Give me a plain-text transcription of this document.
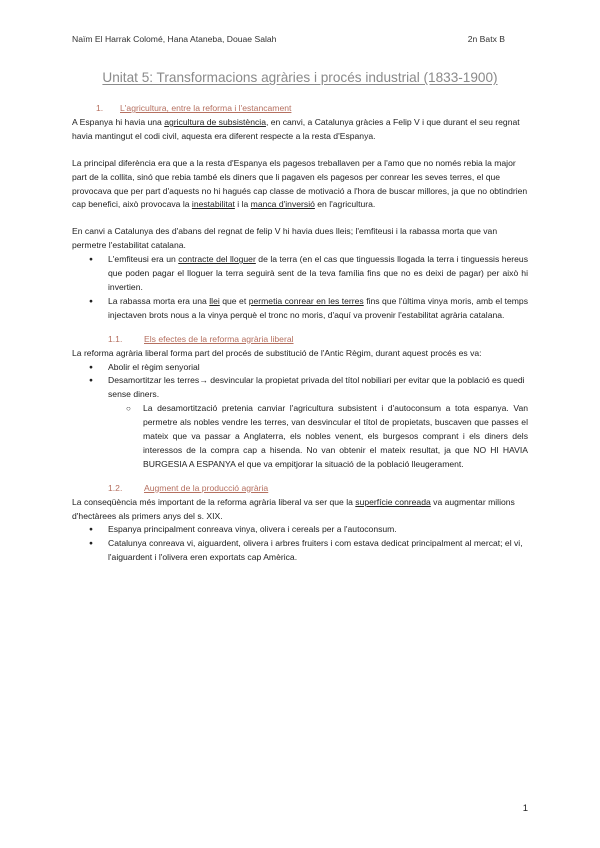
Naïm El Harrak Colomé, Hana Ataneba, Douae Salah	2n Batx B
Unitat 5: Transformacions agràries i procés industrial (1833-1900)
1.	L'agricultura, entre la reforma i l'estancament

A Espanya hi havia una agricultura de subsistència, en canvi, a Catalunya gràcies a Felip V i que durant el seu regnat havia mantingut el codi civil, aquesta era diferent respecte a la resta d'Espanya.

La principal diferència era que a la resta d'Espanya els pagesos treballaven per a l'amo que no només rebia la major part de la collita, sinó que rebia també els diners que li pagaven els pagesos per conrear les seves terres, el que provocava que per part d'aquests no hi hagués cap classe de motivació a l'hora de buscar millores, ja que no obtindrien cap benefici, això provocava la inestabilitat i la manca d'inversió en l'agricultura.

En canvi a Catalunya des d'abans del regnat de felip V hi havia dues lleis; l'emfiteusi i la rabassa morta que van permetre l'estabilitat catalana.

● L'emfiteusi era un contracte del lloguer de la terra (en el cas que tinguessis llogada la terra i tinguessis hereus que poden pagar el lloguer la terra seguirà sent de la teva família fins que no es deixi de pagar) per això hi invertien.
● La rabassa morta era una llei que et permetia conrear en les terres fins que l'última vinya moris, amb el temps injectaven brots nous a la vinya perquè el tronc no moris, d'aquí va provenir l'estabilitat agrària catalana.
1.1.	Els efectes de la reforma agrària liberal

La reforma agrària liberal forma part del procés de substitució de l'Antic Règim, durant aquest procés es va:

● Abolir el règim senyorial
● Desamortitzar les terres→ desvincular la propietat privada del títol nobiliari per evitar que la població es quedi sense diners.
○ La desamortització pretenia canviar l'agricultura subsistent i d'autoconsum a tota espanya. Van permetre als nobles vendre les terres, van desvincular el títol de propietats, buscaven que passes el mateix que va passar a Anglaterra, els nobles venent, els burgesos comprant i els diners dels interessos de la compra cap a hisenda. No van obtenir el mateix resultat, ja que NO HI HAVIA BURGESIA A ESPANYA el que va empitjorar la situació de la població lleugerament.
1.2.	Augment de la producció agrària

La conseqüència més important de la reforma agrària liberal va ser que la superfície conreada va augmentar milions d'hectàrees als primers anys del s. XIX.

● Espanya principalment conreava vinya, olivera i cereals per a l'autoconsum.
● Catalunya conreava vi, aiguardent, olivera i arbres fruiters i com estava dedicat principalment al mercat; el vi, l'aiguardent i l'olivera eren exportats cap Amèrica.
1
